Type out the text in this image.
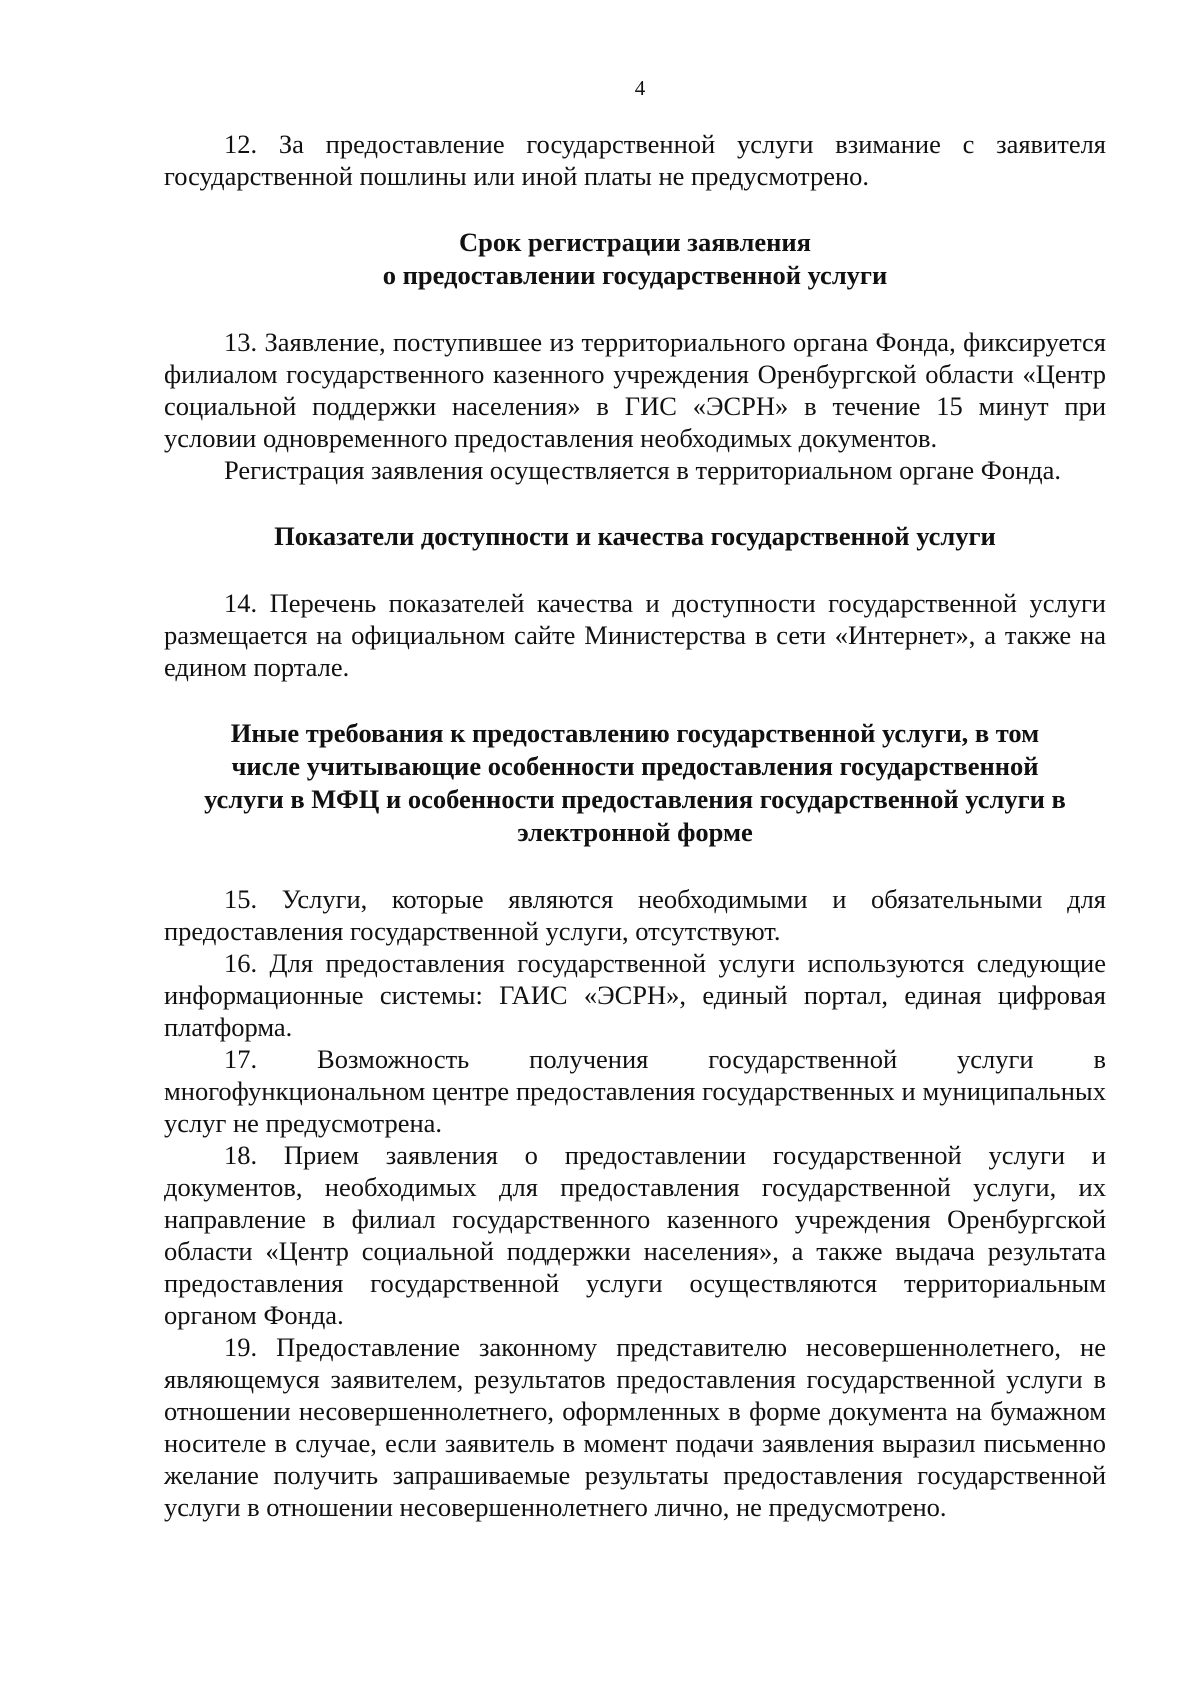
4

12. За предоставление государственной услуги взимание с заявителя государственной пошлины или иной платы не предусмотрено.

Срок регистрации заявления

о предоставлении государственной услуги

13. Заявление, поступившее из территориального органа Фонда, фиксируется филиалом государственного казенного учреждения Оренбургской области «Центр социальной поддержки населения» в ГИС «ЭСРН» в течение 15 минут при условии одновременного предоставления необходимых документов.

Регистрация заявления осуществляется в территориальном органе Фонда.

Показатели доступности и качества государственной услуги

14. Перечень показателей качества и доступности государственной услуги размещается на официальном сайте Министерства в сети «Интернет», а также на едином портале.

Иные требования к предоставлению государственной услуги, в том

числе учитывающие особенности предоставления государственной

услуги в МФЦ и особенности предоставления государственной услуги в

электронной форме

15. Услуги, которые являются необходимыми и обязательными для предоставления государственной услуги, отсутствуют.

16. Для предоставления государственной услуги используются следующие информационные системы: ГАИС «ЭСРН», единый портал, единая цифровая платформа.

17. Возможность получения государственной услуги в многофункциональном центре предоставления государственных и муниципальных услуг не предусмотрена.

18. Прием заявления о предоставлении государственной услуги и документов, необходимых для предоставления государственной услуги, их направление в филиал государственного казенного учреждения Оренбургской области «Центр социальной поддержки населения», а также выдача результата предоставления государственной услуги осуществляются территориальным органом Фонда.

19. Предоставление законному представителю несовершеннолетнего, не являющемуся заявителем, результатов предоставления государственной услуги в отношении несовершеннолетнего, оформленных в форме документа на бумажном носителе в случае, если заявитель в момент подачи заявления выразил письменно желание получить запрашиваемые результаты предоставления государственной услуги в отношении несовершеннолетнего лично, не предусмотрено.
